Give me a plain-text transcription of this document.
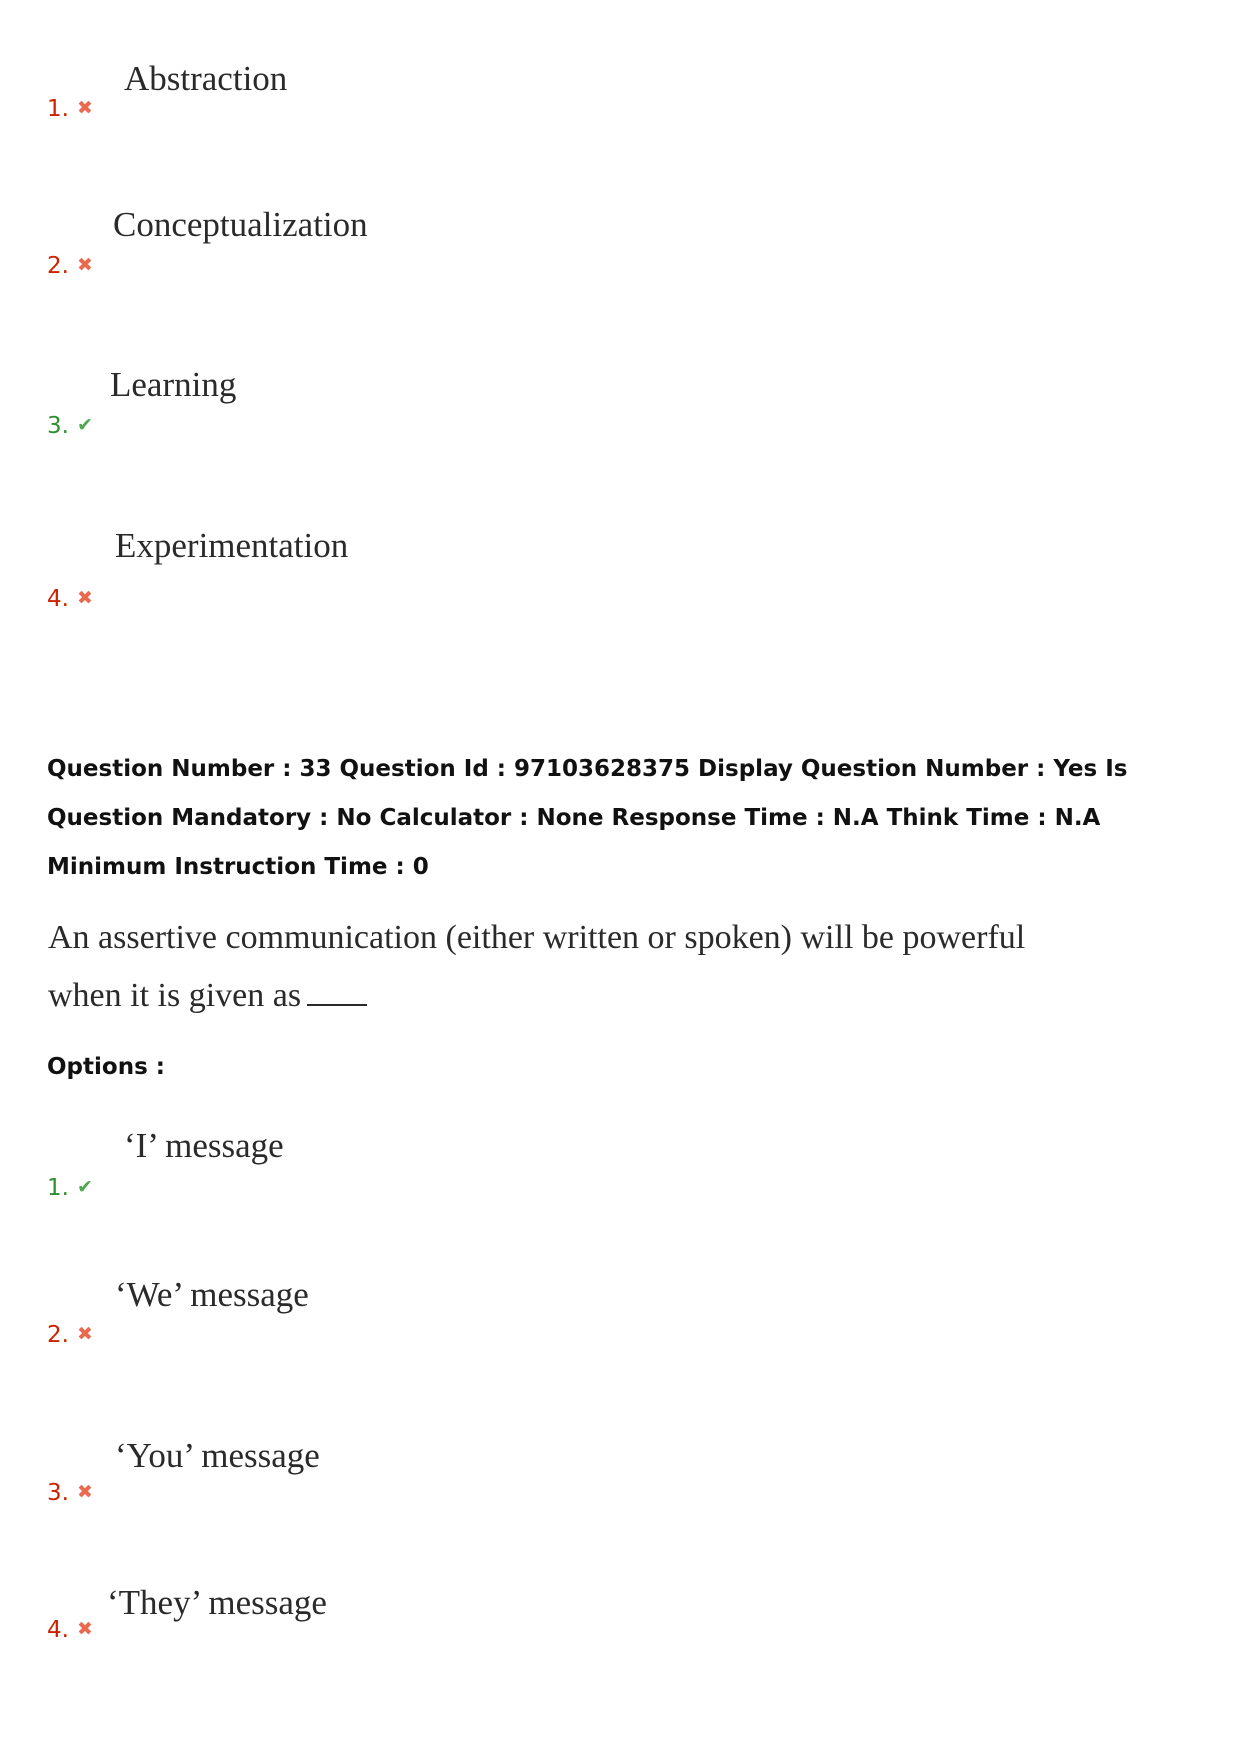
Abstraction
1. ✖
Conceptualization
2. ✖
Learning
3. ✔
Experimentation
4. ✖
Question Number : 33 Question Id : 97103628375 Display Question Number : Yes Is Question Mandatory : No Calculator : None Response Time : N.A Think Time : N.A Minimum Instruction Time : 0
An assertive communication (either written or spoken) will be powerful
when it is given as
Options :
‘I’ message
1. ✔
‘We’ message
2. ✖
‘You’ message
3. ✖
‘They’ message
4. ✖
